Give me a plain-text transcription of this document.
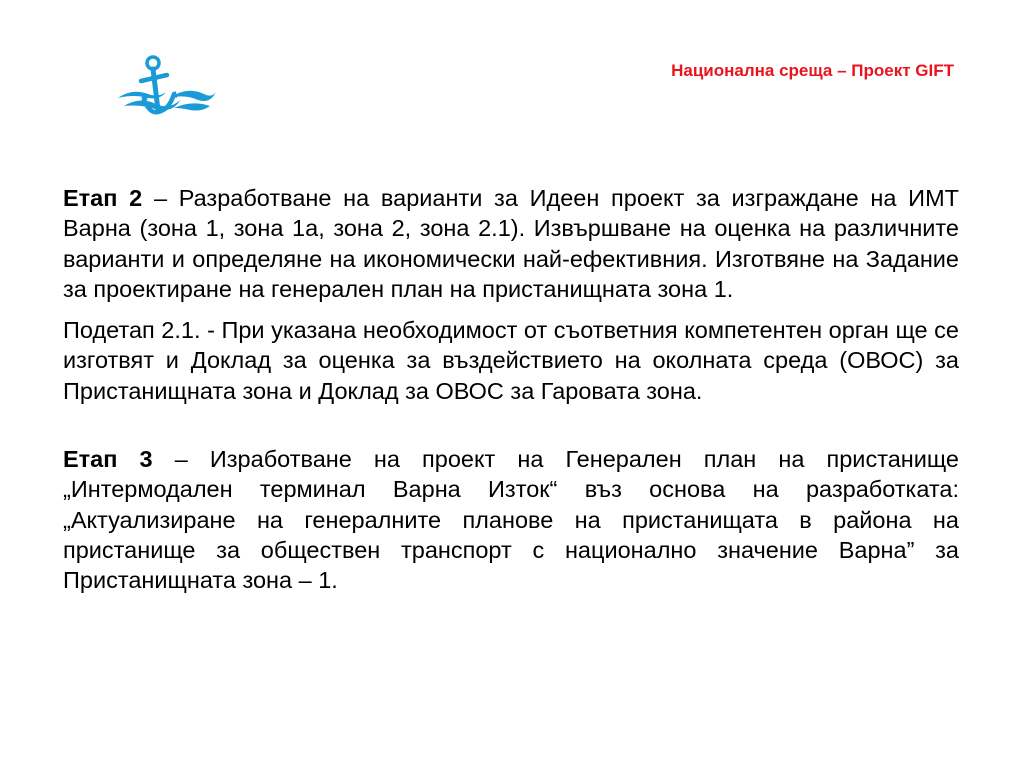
Национална среща – Проект GIFT

Етап 2 – Разработване на варианти за Идеен проект за изграждане на ИМТ Варна (зона 1, зона 1а, зона 2, зона 2.1). Извършване на оценка на различните варианти и определяне на икономически най-ефективния. Изготвяне на Задание за проектиране на генерален план на пристанищната зона 1.

Подетап 2.1. - При указана необходимост от съответния компетентен орган ще се изготвят и Доклад за оценка за въздействието на околната среда (ОВОС) за Пристанищната зона и Доклад за ОВОС за Гаровата зона.

Етап 3 – Изработване на проект на Генерален план на пристанище „Интермодален терминал Варна Изток“ въз основа на разработката: „Актуализиране на генералните планове на пристанищата в района на пристанище за обществен транспорт с национално значение Варна” за Пристанищната зона – 1.
